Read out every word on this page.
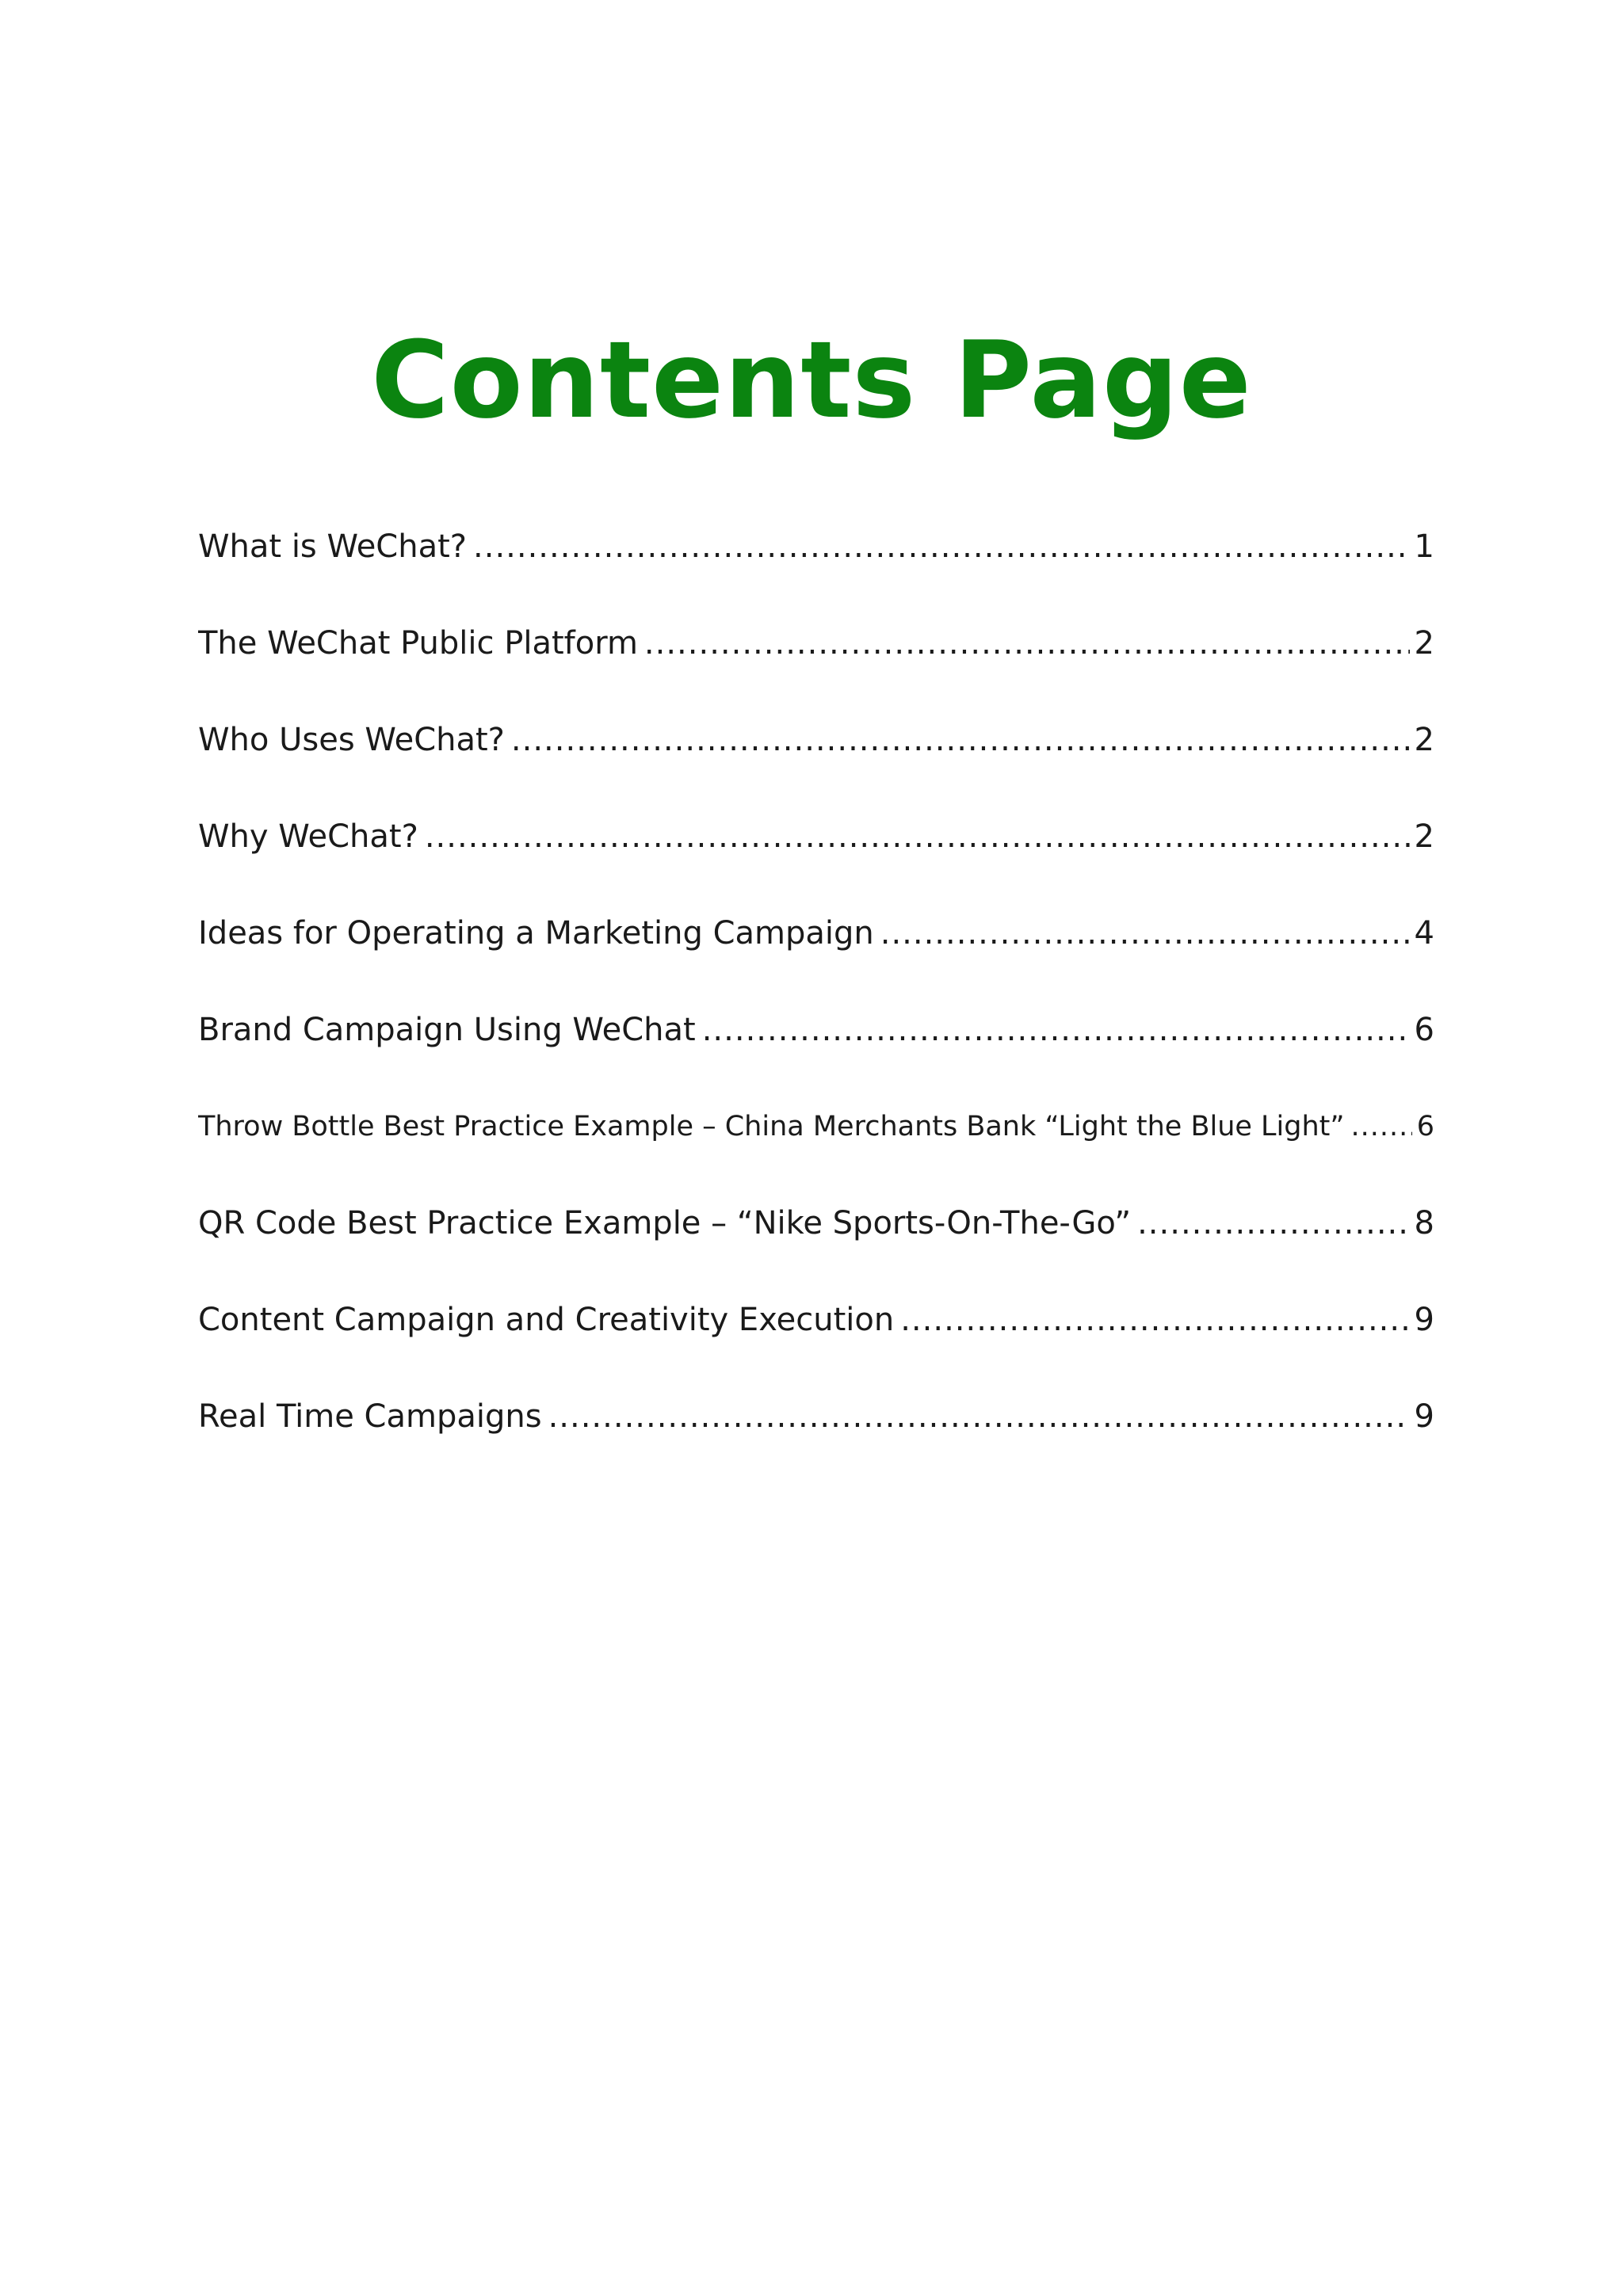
Contents Page
What is WeChat? .....	1
The WeChat Public Platform .....	2
Who Uses WeChat? .....	2
Why WeChat? .....	2
Ideas for Operating a Marketing Campaign .....	4
Brand Campaign Using WeChat .....	6
Throw Bottle Best Practice Example – China Merchants Bank “Light the Blue Light” .....	6
QR Code Best Practice Example – “Nike Sports-On-The-Go” .....	8
Content Campaign and Creativity Execution .....	9
Real Time Campaigns .....	9
